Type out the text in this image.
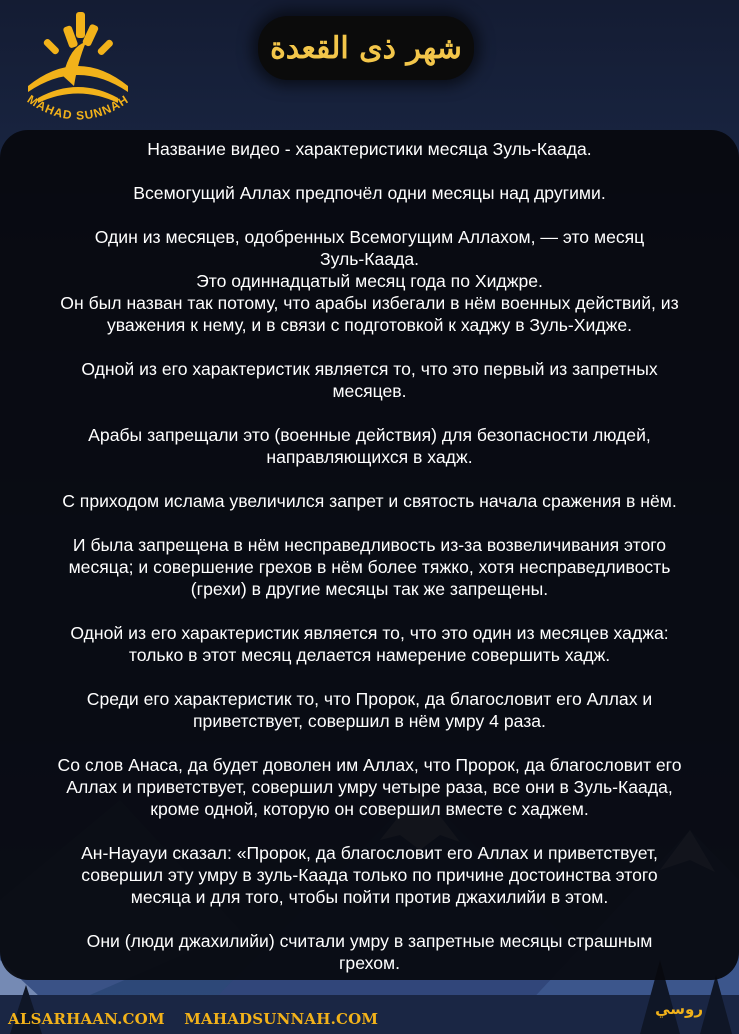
MAHAD SUNNAH
شهر ذى القعدة

Название видео - характеристики месяца Зуль-Каада.

Всемогущий Аллах предпочёл одни месяцы над другими.

Один из месяцев, одобренных Всемогущим Аллахом, — это месяц

Зуль-Каада.

Это одиннадцатый месяц года по Хиджре.

Он был назван так потому, что арабы избегали в нём военных действий, из

уважения к нему, и в связи с подготовкой к хаджу в Зуль-Хидже.

Одной из его характеристик является то, что это первый из запретных

месяцев.

Арабы запрещали это (военные действия) для безопасности людей,

направляющихся в хадж.

С приходом ислама увеличился запрет и святость начала сражения в нём.

И была запрещена в нём несправедливость из-за возвеличивания этого

месяца; и совершение грехов в нём более тяжко, хотя несправедливость

(грехи) в другие месяцы так же запрещены.

Одной из его характеристик является то, что это один из месяцев хаджа:

только в этот месяц делается намерение совершить хадж.

Среди его характеристик то, что Пророк, да благословит его Аллах и

приветствует, совершил в нём умру 4 раза.

Со слов Анаса, да будет доволен им Аллах, что Пророк, да благословит его

Аллах и приветствует, совершил умру четыре раза, все они в Зуль-Каада,

кроме одной, которую он совершил вместе с хаджем.

Ан-Науауи сказал: «Пророк, да благословит его Аллах и приветствует,

совершил эту умру в зуль-Каада только по причине достоинства этого

месяца и для того, чтобы пойти против джахилийи в этом.

Они (люди джахилийи) считали умру в запретные месяцы страшным

грехом.

ALSARHAAN.COM MAHADSUNNAH.COM
روسي
